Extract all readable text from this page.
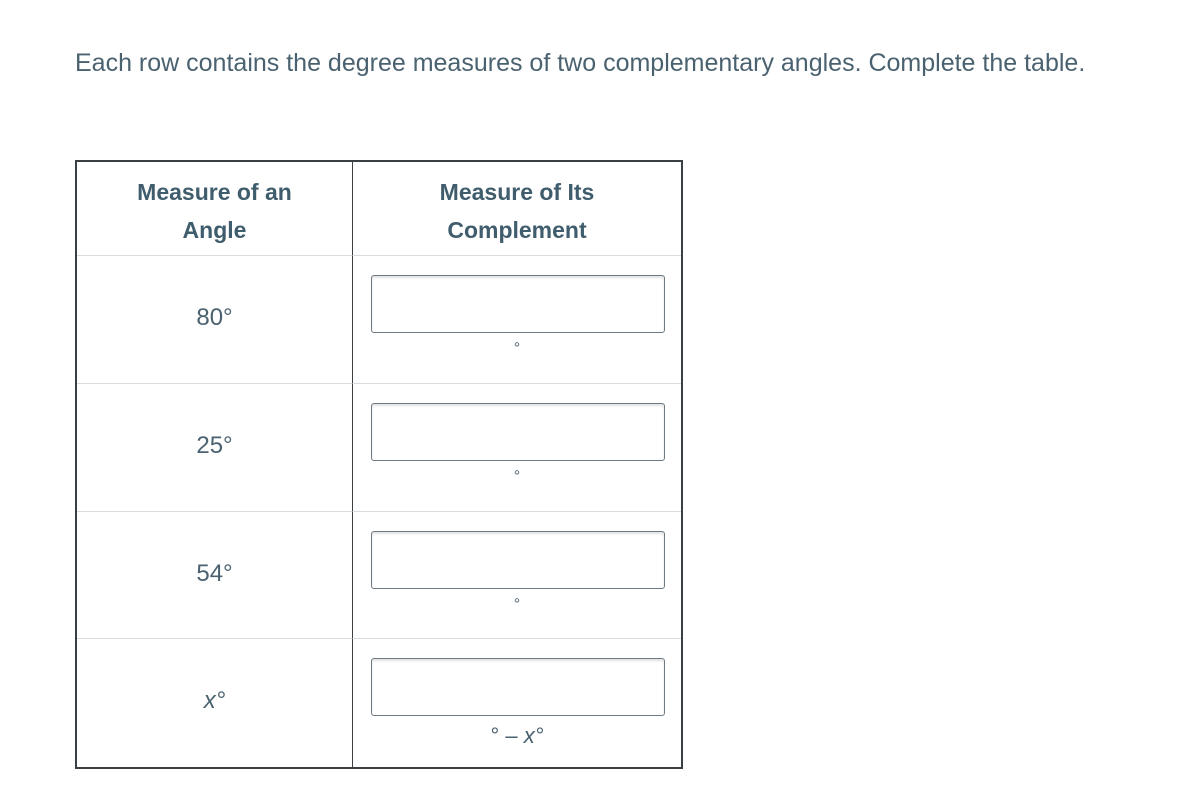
Each row contains the degree measures of two complementary angles. Complete the table.

Measure of an
Angle
Measure of Its
Complement
80°
°
25°
°
54°
°
x°
° – x°
